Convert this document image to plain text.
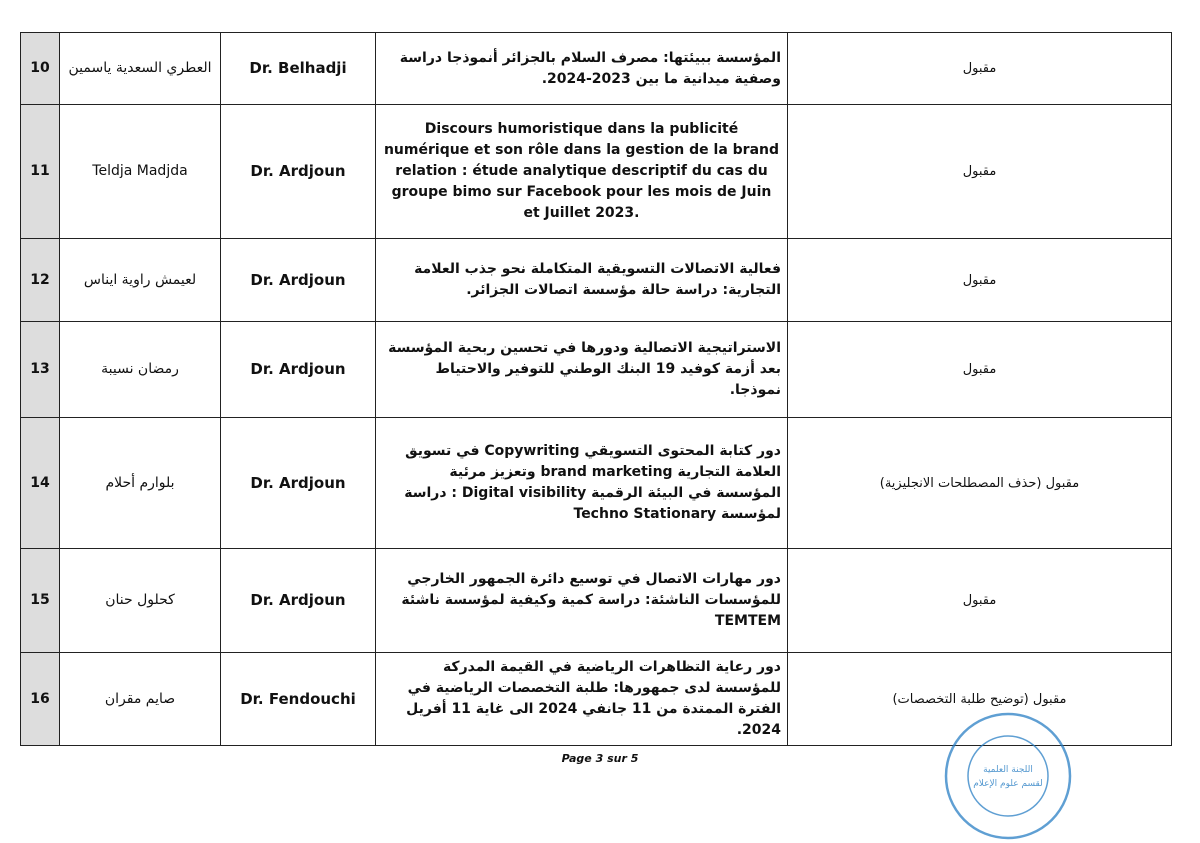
10	العطري السعدية ياسمين	Dr. Belhadji	المؤسسة ببيئتها: مصرف السلام بالجزائر أنموذجا دراسة وصفية ميدانية ما بين 2023-2024.	مقبول
11	Teldja Madjda	Dr. Ardjoun	Discours humoristique dans la publicité numérique et son rôle dans la gestion de la brand relation : étude analytique descriptif du cas du groupe bimo sur Facebook pour les mois de Juin et Juillet 2023.	مقبول
12	لعيمش راوية ايناس	Dr. Ardjoun	فعالية الاتصالات التسويقية المتكاملة نحو جذب العلامة التجارية: دراسة حالة مؤسسة اتصالات الجزائر.	مقبول
13	رمضان نسيبة	Dr. Ardjoun	الاستراتيجية الاتصالية ودورها في تحسين ربحية المؤسسة بعد أزمة كوفيد 19 البنك الوطني للتوفير والاحتياط نموذجا.	مقبول
14	بلوارم أحلام	Dr. Ardjoun	دور كتابة المحتوى التسويقي Copywriting في تسويق العلامة التجارية brand marketing وتعزيز مرئية المؤسسة في البيئة الرقمية Digital visibility : دراسة لمؤسسة Techno Stationary	مقبول (حذف المصطلحات الانجليزية)
15	كحلول حنان	Dr. Ardjoun	دور مهارات الاتصال في توسيع دائرة الجمهور الخارجي للمؤسسات الناشئة: دراسة كمية وكيفية لمؤسسة ناشئة TEMTEM	مقبول
16	صايم مقران	Dr. Fendouchi	دور رعاية التظاهرات الرياضية في القيمة المدركة للمؤسسة لدى جمهورها: طلبة التخصصات الرياضية في الفترة الممتدة من 11 جانفي 2024 الى غاية 11 أفريل 2024.	مقبول (توضيح طلبة التخصصات)
Page 3 sur 5
اللجنة العلمية
لقسم علوم الإعلام
